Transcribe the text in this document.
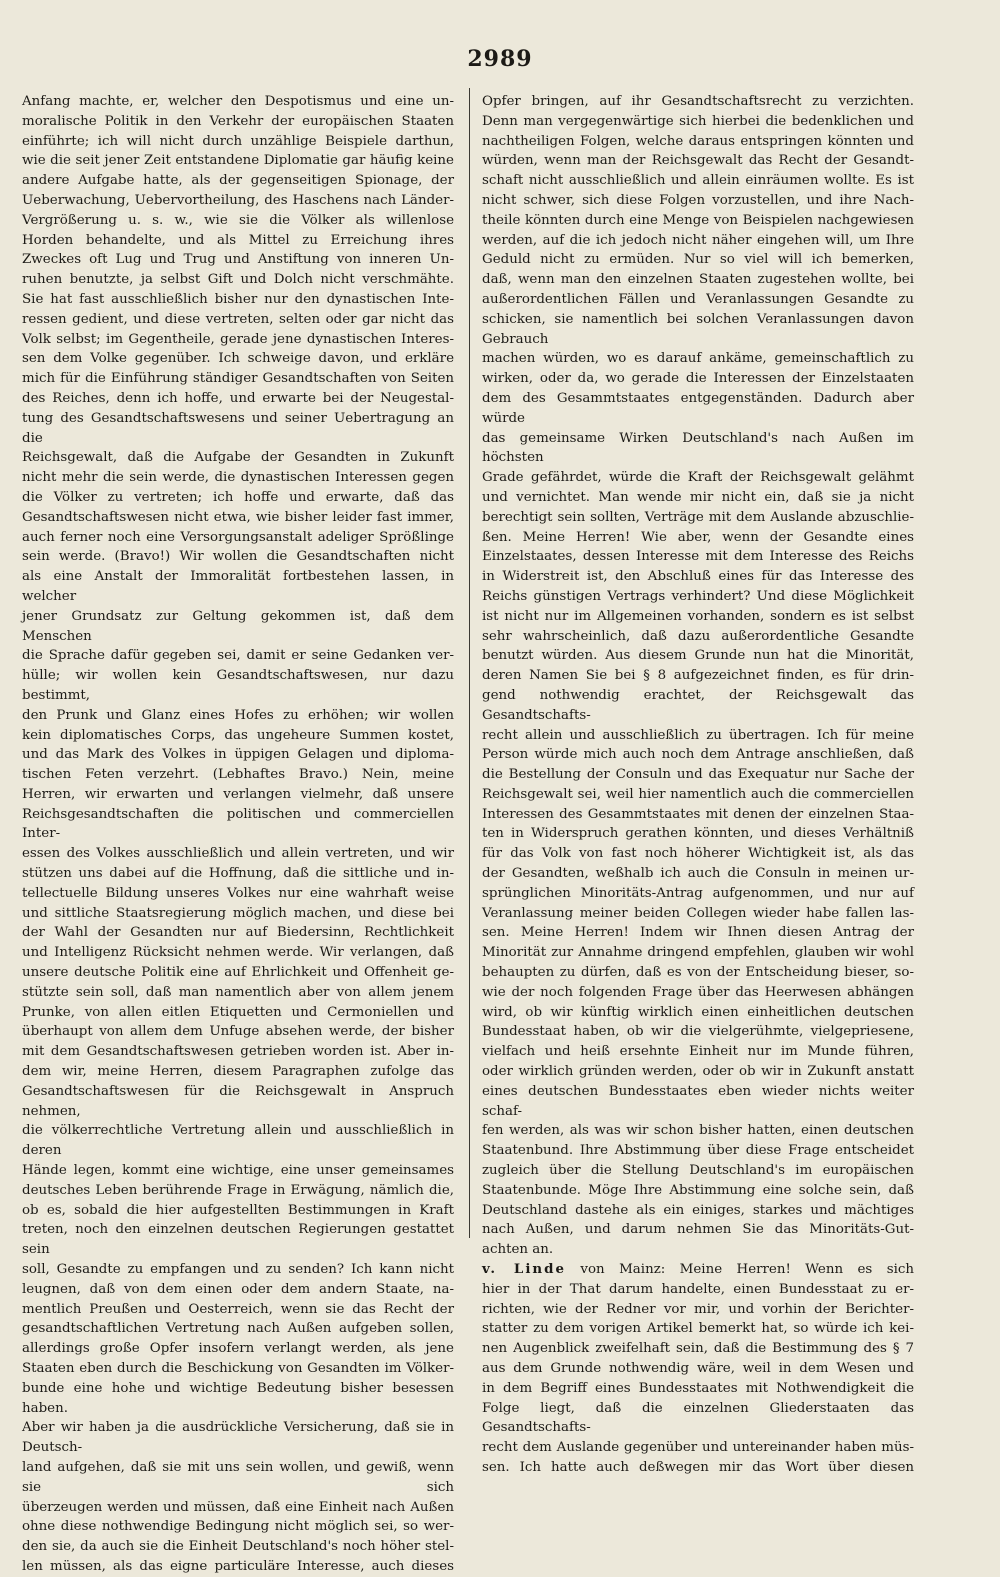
2989

Anfang machte, er, welcher den Despotismus und eine un-

moralische Politik in den Verkehr der europäischen Staaten

einführte; ich will nicht durch unzählige Beispiele darthun,

wie die seit jener Zeit entstandene Diplomatie gar häufig keine

andere Aufgabe hatte, als der gegenseitigen Spionage, der

Ueberwachung, Uebervortheilung, des Haschens nach Länder-

Vergrößerung u. s. w., wie sie die Völker als willenlose

Horden behandelte, und als Mittel zu Erreichung ihres

Zweckes oft Lug und Trug und Anstiftung von inneren Un-

ruhen benutzte, ja selbst Gift und Dolch nicht verschmähte.

Sie hat fast ausschließlich bisher nur den dynastischen Inte-

ressen gedient, und diese vertreten, selten oder gar nicht das

Volk selbst; im Gegentheile, gerade jene dynastischen Interes-

sen dem Volke gegenüber. Ich schweige davon, und erkläre

mich für die Einführung ständiger Gesandtschaften von Seiten

des Reiches, denn ich hoffe, und erwarte bei der Neugestal-

tung des Gesandtschaftswesens und seiner Uebertragung an die

Reichsgewalt, daß die Aufgabe der Gesandten in Zukunft

nicht mehr die sein werde, die dynastischen Interessen gegen

die Völker zu vertreten; ich hoffe und erwarte, daß das

Gesandtschaftswesen nicht etwa, wie bisher leider fast immer,

auch ferner noch eine Versorgungsanstalt adeliger Sprößlinge

sein werde. (Bravo!) Wir wollen die Gesandtschaften nicht

als eine Anstalt der Immoralität fortbestehen lassen, in welcher

jener Grundsatz zur Geltung gekommen ist, daß dem Menschen

die Sprache dafür gegeben sei, damit er seine Gedanken ver-

hülle; wir wollen kein Gesandtschaftswesen, nur dazu bestimmt,

den Prunk und Glanz eines Hofes zu erhöhen; wir wollen

kein diplomatisches Corps, das ungeheure Summen kostet,

und das Mark des Volkes in üppigen Gelagen und diploma-

tischen Feten verzehrt. (Lebhaftes Bravo.) Nein, meine

Herren, wir erwarten und verlangen vielmehr, daß unsere

Reichsgesandtschaften die politischen und commerciellen Inter-

essen des Volkes ausschließlich und allein vertreten, und wir

stützen uns dabei auf die Hoffnung, daß die sittliche und in-

tellectuelle Bildung unseres Volkes nur eine wahrhaft weise

und sittliche Staatsregierung möglich machen, und diese bei

der Wahl der Gesandten nur auf Biedersinn, Rechtlichkeit

und Intelligenz Rücksicht nehmen werde. Wir verlangen, daß

unsere deutsche Politik eine auf Ehrlichkeit und Offenheit ge-

stützte sein soll, daß man namentlich aber von allem jenem

Prunke, von allen eitlen Etiquetten und Cermoniellen und

überhaupt von allem dem Unfuge absehen werde, der bisher

mit dem Gesandtschaftswesen getrieben worden ist. Aber in-

dem wir, meine Herren, diesem Paragraphen zufolge das

Gesandtschaftswesen für die Reichsgewalt in Anspruch nehmen,

die völkerrechtliche Vertretung allein und ausschließlich in deren

Hände legen, kommt eine wichtige, eine unser gemeinsames

deutsches Leben berührende Frage in Erwägung, nämlich die,

ob es, sobald die hier aufgestellten Bestimmungen in Kraft

treten, noch den einzelnen deutschen Regierungen gestattet sein

soll, Gesandte zu empfangen und zu senden? Ich kann nicht

leugnen, daß von dem einen oder dem andern Staate, na-

mentlich Preußen und Oesterreich, wenn sie das Recht der

gesandtschaftlichen Vertretung nach Außen aufgeben sollen,

allerdings große Opfer insofern verlangt werden, als jene

Staaten eben durch die Beschickung von Gesandten im Völker-

bunde eine hohe und wichtige Bedeutung bisher besessen haben.

Aber wir haben ja die ausdrückliche Versicherung, daß sie in Deutsch-

land aufgehen, daß sie mit uns sein wollen, und gewiß, wenn sie sich

überzeugen werden und müssen, daß eine Einheit nach Außen

ohne diese nothwendige Bedingung nicht möglich sei, so wer-

den sie, da auch sie die Einheit Deutschland's noch höher stel-

len müssen, als das eigne particuläre Interesse, auch dieses

Opfer bringen, auf ihr Gesandtschaftsrecht zu verzichten.

Denn man vergegenwärtige sich hierbei die bedenklichen und

nachtheiligen Folgen, welche daraus entspringen könnten und

würden, wenn man der Reichsgewalt das Recht der Gesandt-

schaft nicht ausschließlich und allein einräumen wollte. Es ist

nicht schwer, sich diese Folgen vorzustellen, und ihre Nach-

theile könnten durch eine Menge von Beispielen nachgewiesen

werden, auf die ich jedoch nicht näher eingehen will, um Ihre

Geduld nicht zu ermüden. Nur so viel will ich bemerken,

daß, wenn man den einzelnen Staaten zugestehen wollte, bei

außerordentlichen Fällen und Veranlassungen Gesandte zu

schicken, sie namentlich bei solchen Veranlassungen davon Gebrauch

machen würden, wo es darauf ankäme, gemeinschaftlich zu

wirken, oder da, wo gerade die Interessen der Einzelstaaten

dem des Gesammtstaates entgegenständen. Dadurch aber würde

das gemeinsame Wirken Deutschland's nach Außen im höchsten

Grade gefährdet, würde die Kraft der Reichsgewalt gelähmt

und vernichtet. Man wende mir nicht ein, daß sie ja nicht

berechtigt sein sollten, Verträge mit dem Auslande abzuschlie-

ßen. Meine Herren! Wie aber, wenn der Gesandte eines

Einzelstaates, dessen Interesse mit dem Interesse des Reichs

in Widerstreit ist, den Abschluß eines für das Interesse des

Reichs günstigen Vertrags verhindert? Und diese Möglichkeit

ist nicht nur im Allgemeinen vorhanden, sondern es ist selbst

sehr wahrscheinlich, daß dazu außerordentliche Gesandte

benutzt würden. Aus diesem Grunde nun hat die Minorität,

deren Namen Sie bei § 8 aufgezeichnet finden, es für drin-

gend nothwendig erachtet, der Reichsgewalt das Gesandtschafts-

recht allein und ausschließlich zu übertragen. Ich für meine

Person würde mich auch noch dem Antrage anschließen, daß

die Bestellung der Consuln und das Exequatur nur Sache der

Reichsgewalt sei, weil hier namentlich auch die commerciellen

Interessen des Gesammtstaates mit denen der einzelnen Staa-

ten in Widerspruch gerathen könnten, und dieses Verhältniß

für das Volk von fast noch höherer Wichtigkeit ist, als das

der Gesandten, weßhalb ich auch die Consuln in meinen ur-

sprünglichen Minoritäts-Antrag aufgenommen, und nur auf

Veranlassung meiner beiden Collegen wieder habe fallen las-

sen. Meine Herren! Indem wir Ihnen diesen Antrag der

Minorität zur Annahme dringend empfehlen, glauben wir wohl

behaupten zu dürfen, daß es von der Entscheidung bieser, so-

wie der noch folgenden Frage über das Heerwesen abhängen

wird, ob wir künftig wirklich einen einheitlichen deutschen

Bundesstaat haben, ob wir die vielgerühmte, vielgepriesene,

vielfach und heiß ersehnte Einheit nur im Munde führen,

oder wirklich gründen werden, oder ob wir in Zukunft anstatt

eines deutschen Bundesstaates eben wieder nichts weiter schaf-

fen werden, als was wir schon bisher hatten, einen deutschen

Staatenbund. Ihre Abstimmung über diese Frage entscheidet

zugleich über die Stellung Deutschland's im europäischen

Staatenbunde. Möge Ihre Abstimmung eine solche sein, daß

Deutschland dastehe als ein einiges, starkes und mächtiges

nach Außen, und darum nehmen Sie das Minoritäts-Gut-

achten an.

v. Linde von Mainz: Meine Herren! Wenn es sich

hier in der That darum handelte, einen Bundesstaat zu er-

richten, wie der Redner vor mir, und vorhin der Berichter-

statter zu dem vorigen Artikel bemerkt hat, so würde ich kei-

nen Augenblick zweifelhaft sein, daß die Bestimmung des § 7

aus dem Grunde nothwendig wäre, weil in dem Wesen und

in dem Begriff eines Bundesstaates mit Nothwendigkeit die

Folge liegt, daß die einzelnen Gliederstaaten das Gesandtschafts-

recht dem Auslande gegenüber und untereinander haben müs-

sen. Ich hatte auch deßwegen mir das Wort über diesen
